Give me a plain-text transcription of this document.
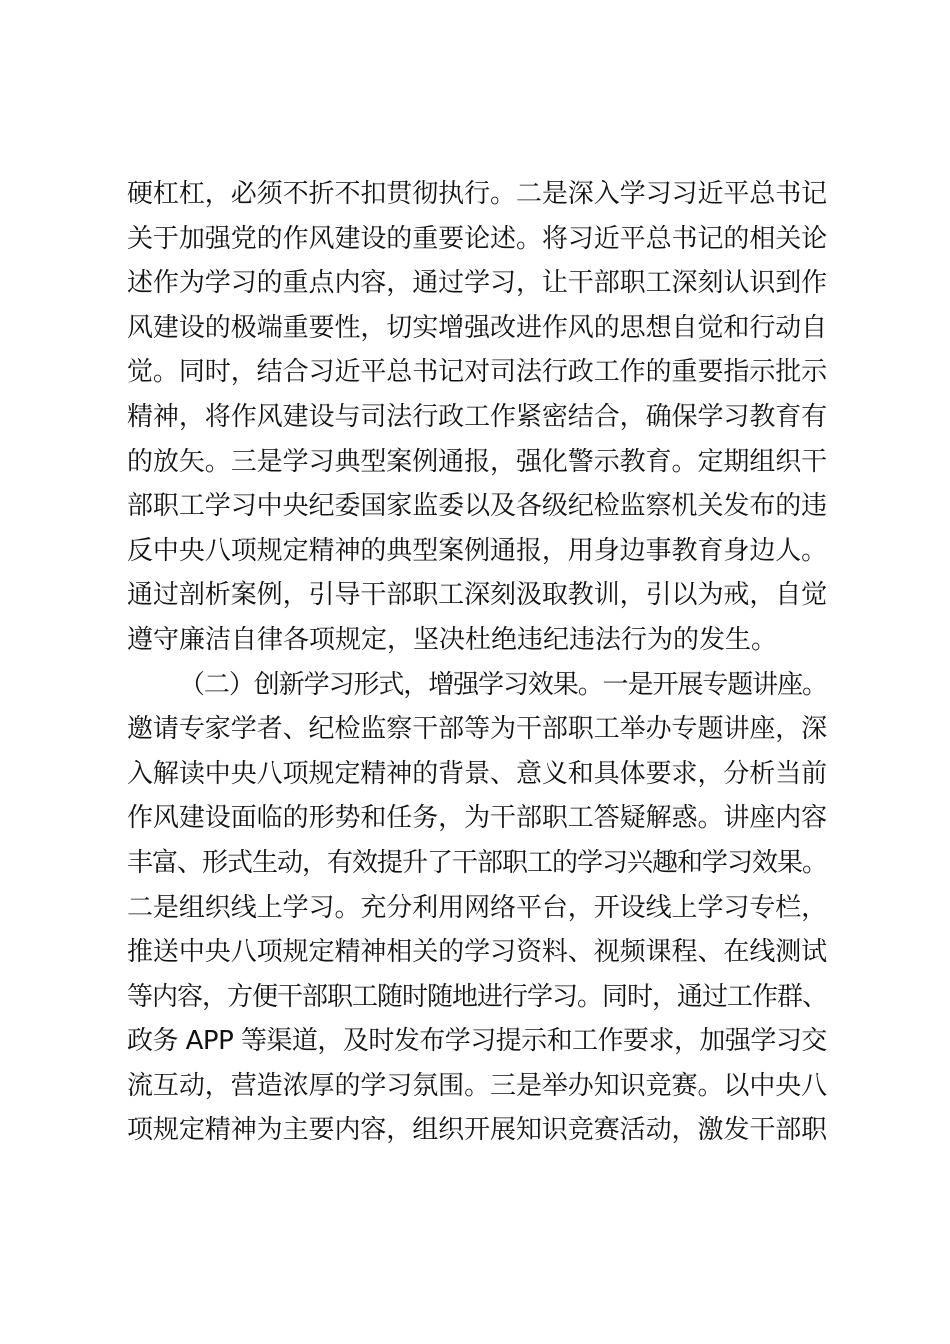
硬杠杠，必须不折不扣贯彻执行。二是深入学习习近平总书记
关于加强党的作风建设的重要论述。将习近平总书记的相关论
述作为学习的重点内容，通过学习，让干部职工深刻认识到作
风建设的极端重要性，切实增强改进作风的思想自觉和行动自
觉。同时，结合习近平总书记对司法行政工作的重要指示批示
精神，将作风建设与司法行政工作紧密结合，确保学习教育有
的放矢。三是学习典型案例通报，强化警示教育。定期组织干
部职工学习中央纪委国家监委以及各级纪检监察机关发布的违
反中央八项规定精神的典型案例通报，用身边事教育身边人。
通过剖析案例，引导干部职工深刻汲取教训，引以为戒，自觉
遵守廉洁自律各项规定，坚决杜绝违纪违法行为的发生。
（二）创新学习形式，增强学习效果。一是开展专题讲座。
邀请专家学者、纪检监察干部等为干部职工举办专题讲座，深
入解读中央八项规定精神的背景、意义和具体要求，分析当前
作风建设面临的形势和任务，为干部职工答疑解惑。讲座内容
丰富、形式生动，有效提升了干部职工的学习兴趣和学习效果。
二是组织线上学习。充分利用网络平台，开设线上学习专栏，
推送中央八项规定精神相关的学习资料、视频课程、在线测试
等内容，方便干部职工随时随地进行学习。同时，通过工作群、
政务 APP 等渠道，及时发布学习提示和工作要求，加强学习交
流互动，营造浓厚的学习氛围。三是举办知识竞赛。以中央八
项规定精神为主要内容，组织开展知识竞赛活动，激发干部职
